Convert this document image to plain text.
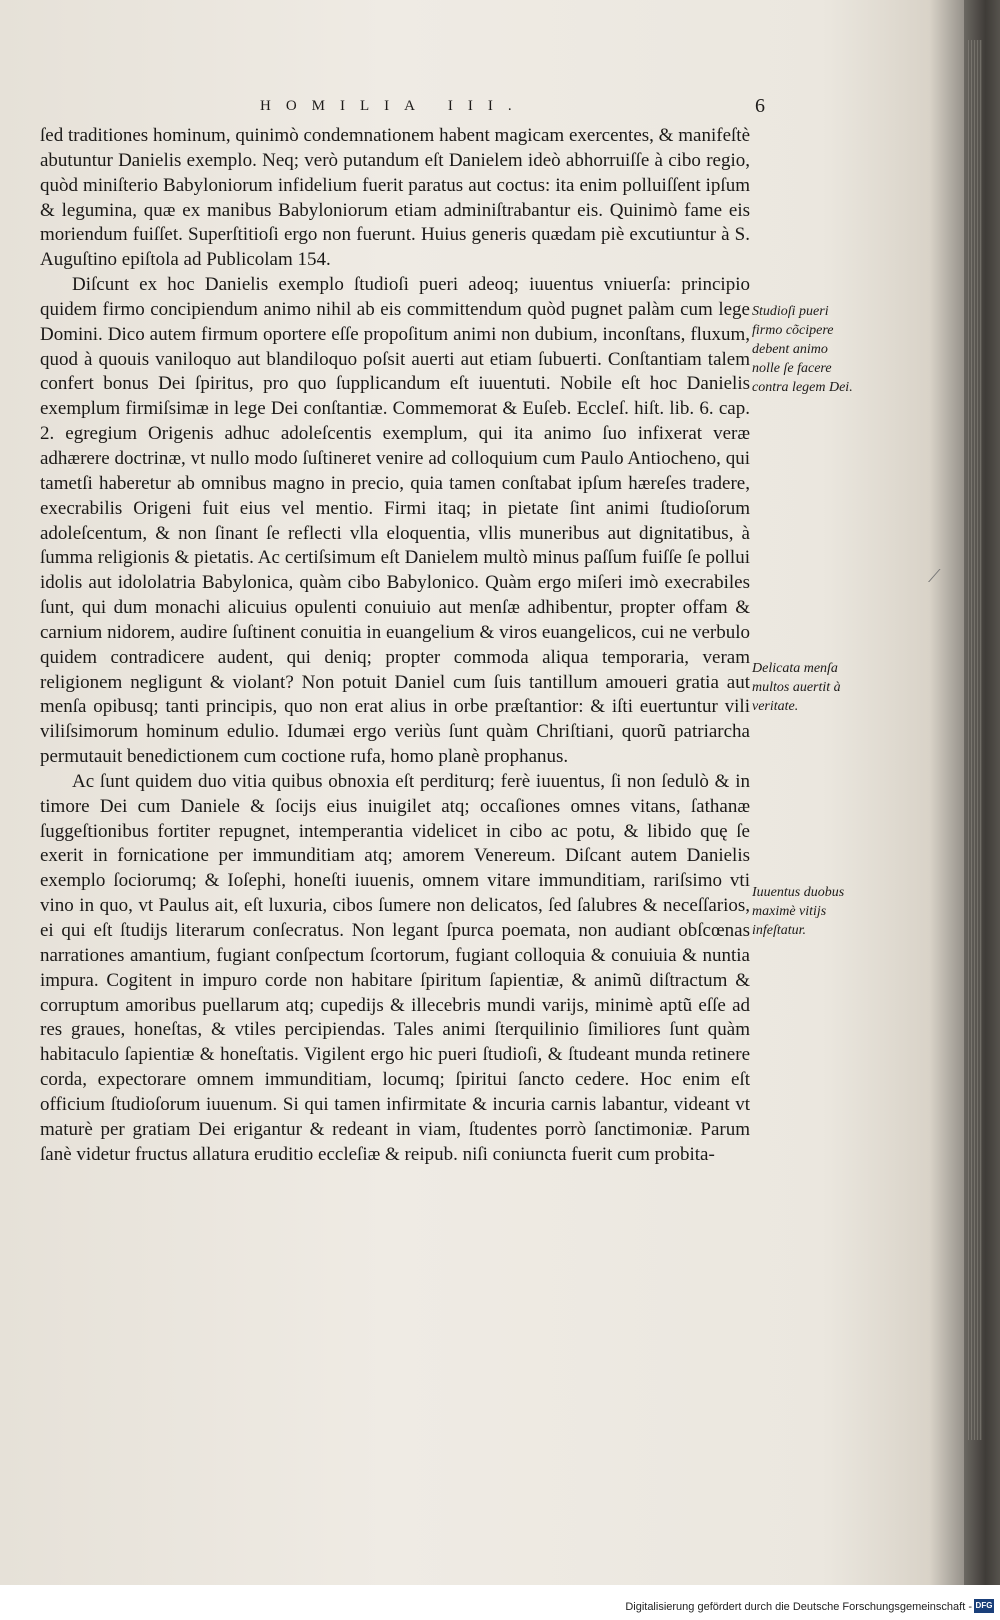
HOMILIA III.	6

ſed traditiones hominum, quinimò condemnationem habent magicam exercentes, & manifeſtè abutuntur Danielis exemplo. Neq; verò putandum eſt Danielem ideò abhorruiſſe à cibo regio, quòd miniſterio Babyloniorum infidelium fuerit paratus aut coctus: ita enim polluiſſent ipſum & legumina, quæ ex manibus Babyloniorum etiam adminiſtrabantur eis. Quinimò fame eis moriendum fuiſſet. Superſtitioſi ergo non fuerunt. Huius generis quædam piè excutiuntur à S. Auguſtino epiſtola ad Publicolam 154.

Diſcunt ex hoc Danielis exemplo ſtudioſi pueri adeoq; iuuentus vniuerſa: principio quidem firmo concipiendum animo nihil ab eis committendum quòd pugnet palàm cum lege Domini. Dico autem firmum oportere eſſe propoſitum animi non dubium, inconſtans, fluxum, quod à quouis vaniloquo aut blandiloquo poſsit auerti aut etiam ſubuerti. Conſtantiam talem confert bonus Dei ſpiritus, pro quo ſupplicandum eſt iuuentuti. Nobile eſt hoc Danielis exemplum firmiſsimæ in lege Dei conſtantiæ. Commemorat & Euſeb. Eccleſ. hiſt. lib. 6. cap. 2. egregium Origenis adhuc adoleſcentis exemplum, qui ita animo ſuo infixerat veræ adhærere doctrinæ, vt nullo modo ſuſtineret venire ad colloquium cum Paulo Antiocheno, qui tametſi haberetur ab omnibus magno in precio, quia tamen conſtabat ipſum hæreſes tradere, execrabilis Origeni fuit eius vel mentio. Firmi itaq; in pietate ſint animi ſtudioſorum adoleſcentum, & non ſinant ſe reflecti vlla eloquentia, vllis muneribus aut dignitatibus, à ſumma religionis & pietatis. Ac certiſsimum eſt Danielem multò minus paſſum fuiſſe ſe pollui idolis aut idololatria Babylonica, quàm cibo Babylonico. Quàm ergo miſeri imò execrabiles ſunt, qui dum monachi alicuius opulenti conuiuio aut menſæ adhibentur, propter offam & carnium nidorem, audire ſuſtinent conuitia in euangelium & viros euangelicos, cui ne verbulo quidem contradicere audent, qui deniq; propter commoda aliqua temporaria, veram religionem negligunt & violant? Non potuit Daniel cum ſuis tantillum amoueri gratia aut menſa opibusq; tanti principis, quo non erat alius in orbe præſtantior: & iſti euertuntur vili viliſsimorum hominum edulio. Idumæi ergo veriùs ſunt quàm Chriſtiani, quorũ patriarcha permutauit benedictionem cum coctione rufa, homo planè prophanus.

Ac ſunt quidem duo vitia quibus obnoxia eſt perditurq; ferè iuuentus, ſi non ſedulò & in timore Dei cum Daniele & ſocijs eius inuigilet atq; occaſiones omnes vitans, ſathanæ ſuggeſtionibus fortiter repugnet, intemperantia videlicet in cibo ac potu, & libido quę ſe exerit in fornicatione per immunditiam atq; amorem Venereum. Diſcant autem Danielis exemplo ſociorumq; & Ioſephi, honeſti iuuenis, omnem vitare immunditiam, rariſsimo vti vino in quo, vt Paulus ait, eſt luxuria, cibos ſumere non delicatos, ſed ſalubres & neceſſarios, ei qui eſt ſtudijs literarum conſecratus. Non legant ſpurca poemata, non audiant obſcœnas narrationes amantium, fugiant conſpectum ſcortorum, fugiant colloquia & conuiuia & nuntia impura. Cogitent in impuro corde non habitare ſpiritum ſapientiæ, & animũ diſtractum & corruptum amoribus puellarum atq; cupedijs & illecebris mundi varijs, minimè aptũ eſſe ad res graues, honeſtas, & vtiles percipiendas. Tales animi ſterquilinio ſimiliores ſunt quàm habitaculo ſapientiæ & honeſtatis. Vigilent ergo hic pueri ſtudioſi, & ſtudeant munda retinere corda, expectorare omnem immunditiam, locumq; ſpiritui ſancto cedere. Hoc enim eſt officium ſtudioſorum iuuenum. Si qui tamen infirmitate & incuria carnis labantur, videant vt maturè per gratiam Dei erigantur & redeant in viam, ſtudentes porrò ſanctimoniæ. Parum ſanè videtur fructus allatura eruditio eccleſiæ & reipub. niſi coniuncta fuerit cum probita-

Studioſi pueri firmo cõcipere debent animo nolle ſe facere contra legem Dei.
Delicata menſa multos auertit à veritate.
Iuuentus duobus maximè vitijs infeſtatur.
⟋
Digitalisierung gefördert durch die Deutsche Forschungsgemeinschaft - DFG
